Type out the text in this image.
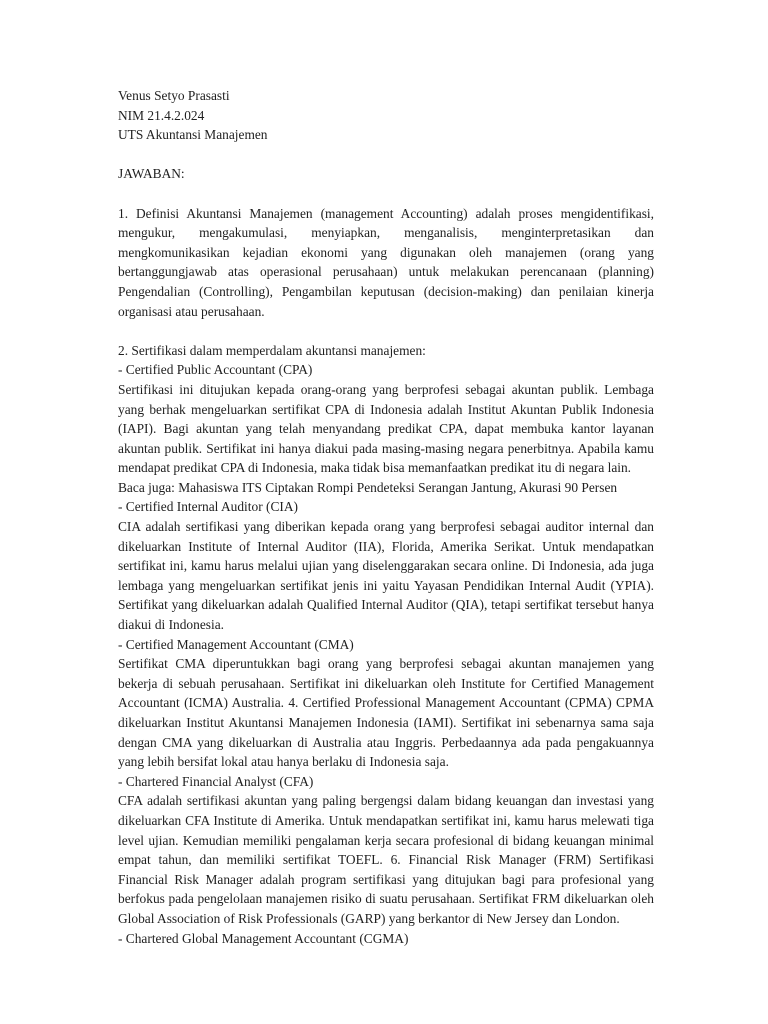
Venus Setyo Prasasti
NIM 21.4.2.024
UTS Akuntansi Manajemen
JAWABAN:
1. Definisi Akuntansi Manajemen (management Accounting) adalah proses mengidentifikasi, mengukur, mengakumulasi, menyiapkan, menganalisis, menginterpretasikan dan mengkomunikasikan kejadian ekonomi yang digunakan oleh manajemen (orang yang bertanggungjawab atas operasional perusahaan) untuk melakukan perencanaan (planning) Pengendalian (Controlling), Pengambilan keputusan (decision-making) dan penilaian kinerja organisasi atau perusahaan.
2. Sertifikasi dalam memperdalam akuntansi manajemen:
- Certified Public Accountant (CPA)
Sertifikasi ini ditujukan kepada orang-orang yang berprofesi sebagai akuntan publik. Lembaga yang berhak mengeluarkan sertifikat CPA di Indonesia adalah Institut Akuntan Publik Indonesia (IAPI). Bagi akuntan yang telah menyandang predikat CPA, dapat membuka kantor layanan akuntan publik. Sertifikat ini hanya diakui pada masing-masing negara penerbitnya. Apabila kamu mendapat predikat CPA di Indonesia, maka tidak bisa memanfaatkan predikat itu di negara lain.
Baca juga: Mahasiswa ITS Ciptakan Rompi Pendeteksi Serangan Jantung, Akurasi 90 Persen
- Certified Internal Auditor (CIA)
CIA adalah sertifikasi yang diberikan kepada orang yang berprofesi sebagai auditor internal dan dikeluarkan Institute of Internal Auditor (IIA), Florida, Amerika Serikat. Untuk mendapatkan sertifikat ini, kamu harus melalui ujian yang diselenggarakan secara online. Di Indonesia, ada juga lembaga yang mengeluarkan sertifikat jenis ini yaitu Yayasan Pendidikan Internal Audit (YPIA). Sertifikat yang dikeluarkan adalah Qualified Internal Auditor (QIA), tetapi sertifikat tersebut hanya diakui di Indonesia.
- Certified Management Accountant (CMA)
Sertifikat CMA diperuntukkan bagi orang yang berprofesi sebagai akuntan manajemen yang bekerja di sebuah perusahaan. Sertifikat ini dikeluarkan oleh Institute for Certified Management Accountant (ICMA) Australia. 4. Certified Professional Management Accountant (CPMA) CPMA dikeluarkan Institut Akuntansi Manajemen Indonesia (IAMI). Sertifikat ini sebenarnya sama saja dengan CMA yang dikeluarkan di Australia atau Inggris. Perbedaannya ada pada pengakuannya yang lebih bersifat lokal atau hanya berlaku di Indonesia saja.
- Chartered Financial Analyst (CFA)
CFA adalah sertifikasi akuntan yang paling bergengsi dalam bidang keuangan dan investasi yang dikeluarkan CFA Institute di Amerika. Untuk mendapatkan sertifikat ini, kamu harus melewati tiga level ujian. Kemudian memiliki pengalaman kerja secara profesional di bidang keuangan minimal empat tahun, dan memiliki sertifikat TOEFL. 6. Financial Risk Manager (FRM) Sertifikasi Financial Risk Manager adalah program sertifikasi yang ditujukan bagi para profesional yang berfokus pada pengelolaan manajemen risiko di suatu perusahaan. Sertifikat FRM dikeluarkan oleh Global Association of Risk Professionals (GARP) yang berkantor di New Jersey dan London.
- Chartered Global Management Accountant (CGMA)
